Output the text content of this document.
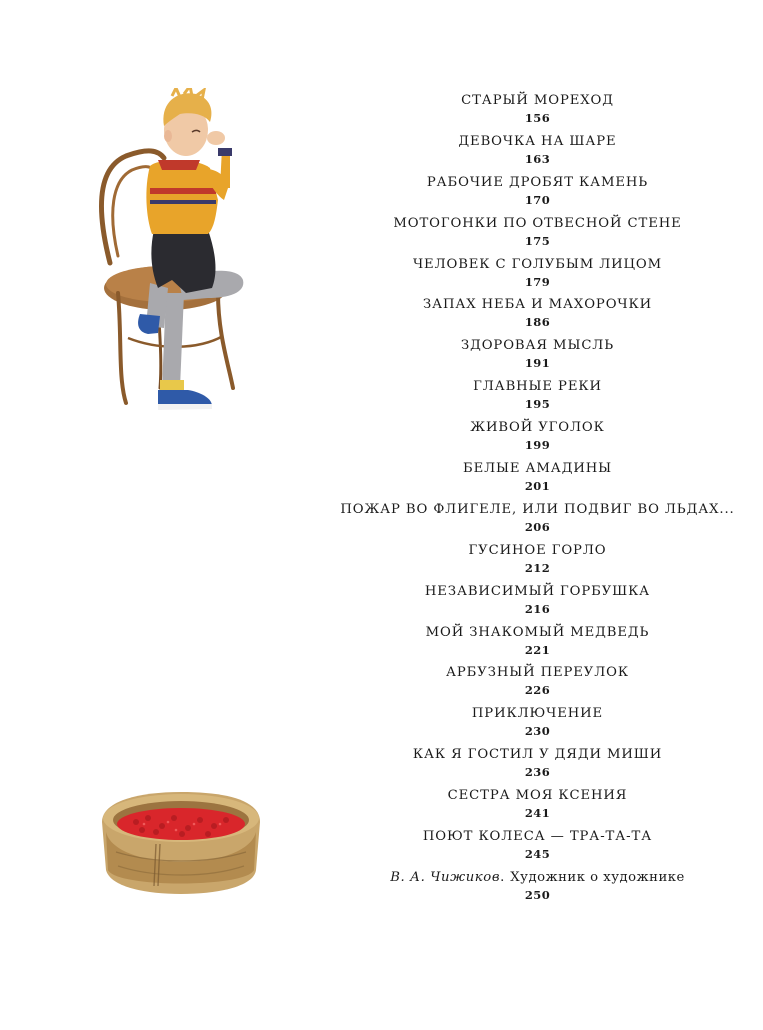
СТАРЫЙ МОРЕХОД
156
ДЕВОЧКА НА ШАРЕ
163
РАБОЧИЕ ДРОБЯТ КАМЕНЬ
170
МОТОГОНКИ ПО ОТВЕСНОЙ СТЕНЕ
175
ЧЕЛОВЕК С ГОЛУБЫМ ЛИЦОМ
179
ЗАПАХ НЕБА И МАХОРОЧКИ
186
ЗДОРОВАЯ МЫСЛЬ
191
ГЛАВНЫЕ РЕКИ
195
ЖИВОЙ УГОЛОК
199
БЕЛЫЕ АМАДИНЫ
201
ПОЖАР ВО ФЛИГЕЛЕ, ИЛИ ПОДВИГ ВО ЛЬДАХ...
206
ГУСИНОЕ ГОРЛО
212
НЕЗАВИСИМЫЙ ГОРБУШКА
216
МОЙ ЗНАКОМЫЙ МЕДВЕДЬ
221
АРБУЗНЫЙ ПЕРЕУЛОК
226
ПРИКЛЮЧЕНИЕ
230
КАК Я ГОСТИЛ У ДЯДИ МИШИ
236
СЕСТРА МОЯ КСЕНИЯ
241
ПОЮТ КОЛЕСА — ТРА-ТА-ТА
245
В. А. Чижиков. Художник о художнике
250
